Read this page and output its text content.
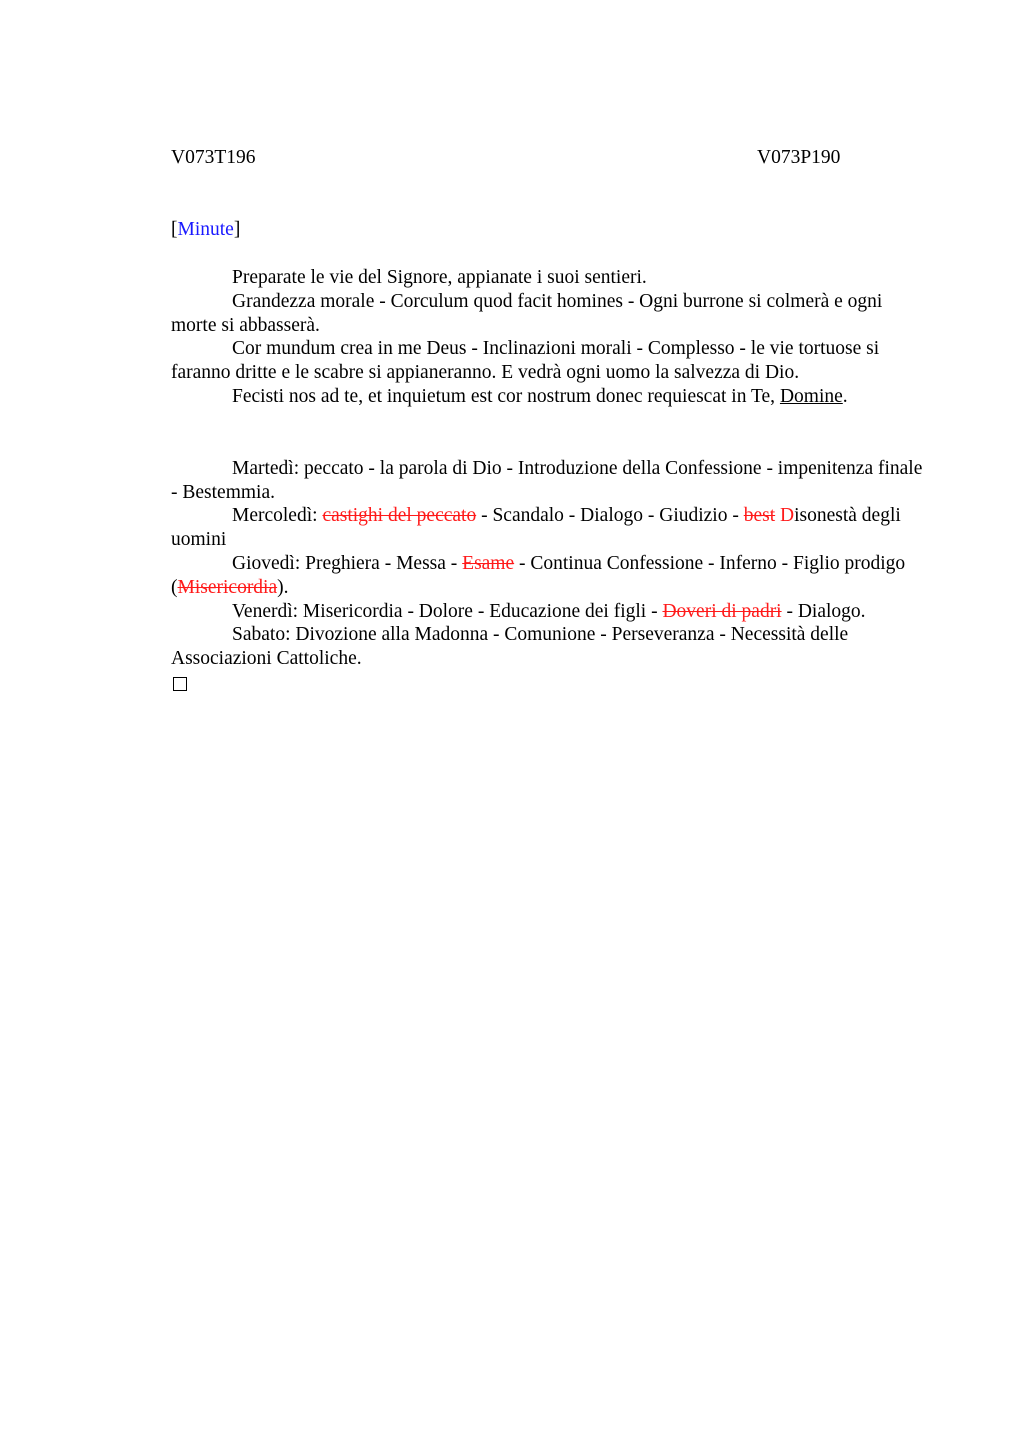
V073T196	V073P190
[Minute]

Preparate le vie del Signore, appianate i suoi sentieri.

Grandezza morale - Corculum quod facit homines - Ogni burrone si colmerà e ogni morte si abbasserà.

Cor mundum crea in me Deus - Inclinazioni morali - Complesso - le vie tortuose si faranno dritte e le scabre si appianeranno. E vedrà ogni uomo la salvezza di Dio.

Fecisti nos ad te, et inquietum est cor nostrum donec requiescat in Te, Domine.

Martedì: peccato - la parola di Dio - Introduzione della Confessione - impenitenza finale - Bestemmia.

Mercoledì: castighi del peccato - Scandalo - Dialogo - Giudizio - best Disonestà degli uomini

Giovedì: Preghiera - Messa - Esame - Continua Confessione - Inferno - Figlio prodigo (Misericordia).

Venerdì: Misericordia - Dolore - Educazione dei figli - Doveri di padri - Dialogo.

Sabato: Divozione alla Madonna - Comunione - Perseveranza - Necessità delle Associazioni Cattoliche.
